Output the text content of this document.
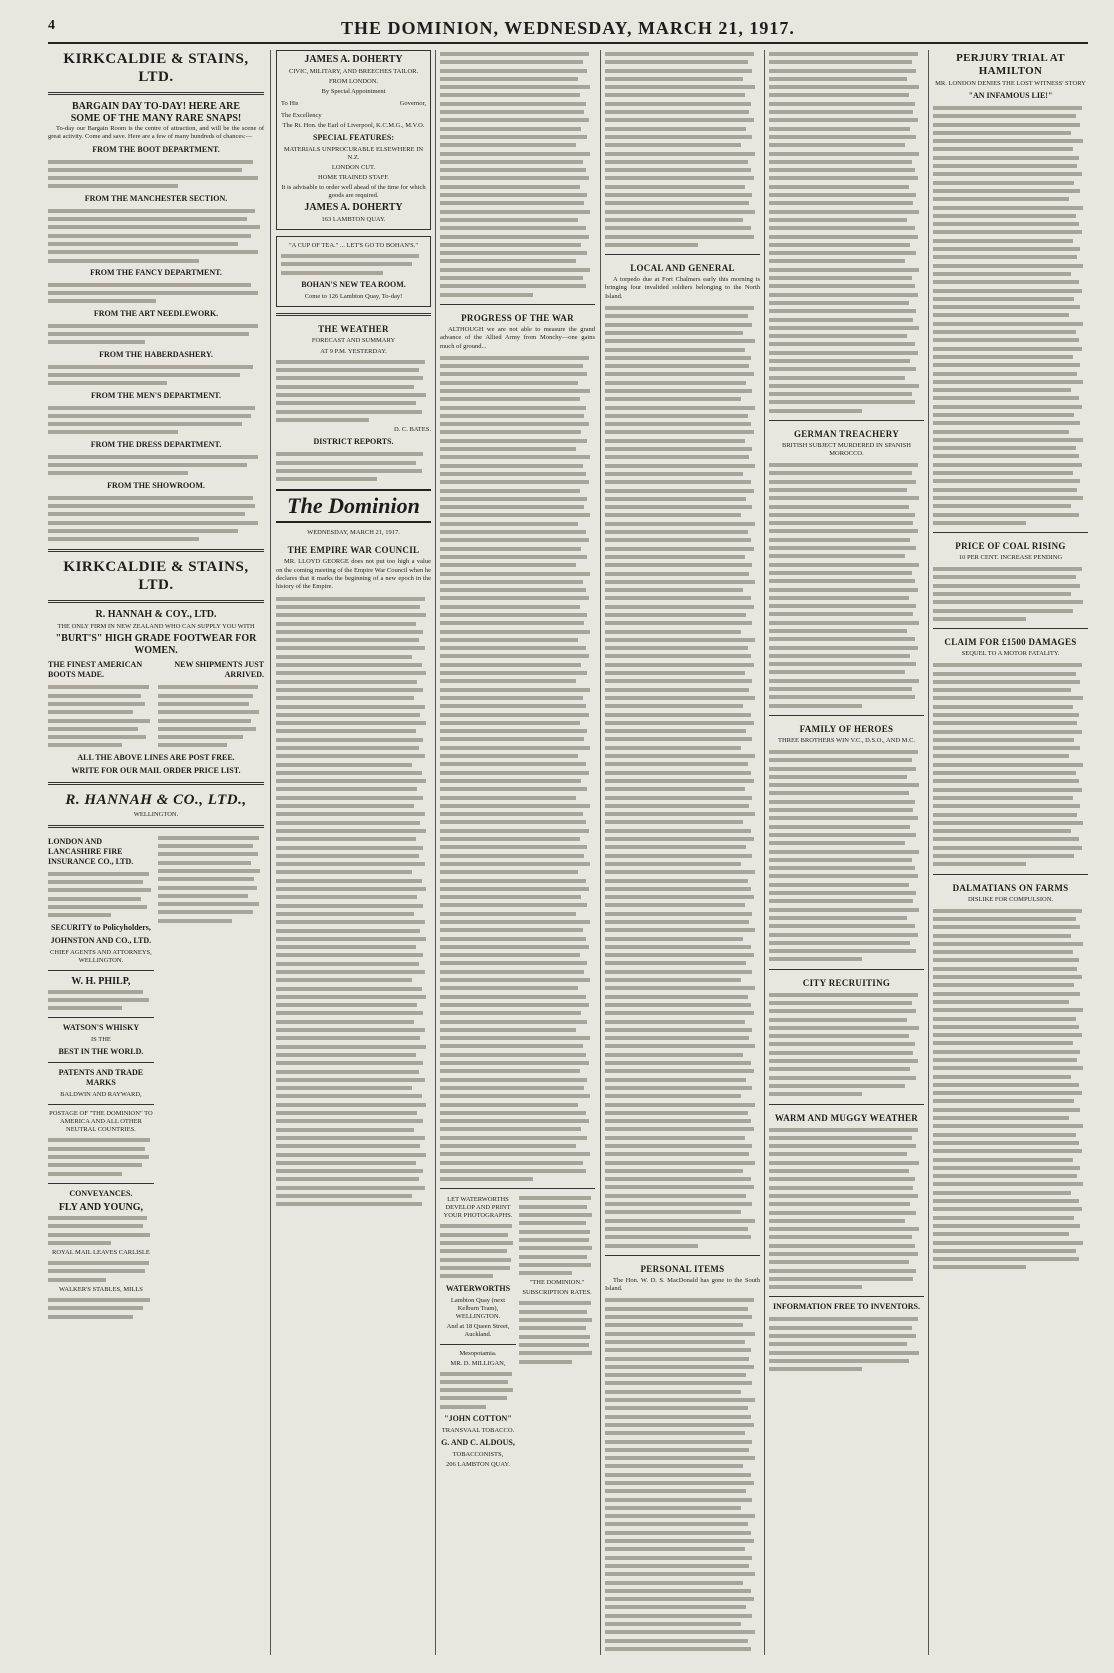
4	THE DOMINION, WEDNESDAY, MARCH 21, 1917.
KIRKCALDIE & STAINS, LTD.
BARGAIN DAY TO-DAY! HERE ARE
SOME OF THE MANY RARE SNAPS!

To-day our Bargain Room is the centre of attraction, and will be the scene of great activity. Come and save. Here are a few of many hundreds of chances:—

FROM THE BOOT DEPARTMENT.
FROM THE MANCHESTER SECTION.
FROM THE FANCY DEPARTMENT.
FROM THE ART NEEDLEWORK.
FROM THE HABERDASHERY.
FROM THE MEN'S DEPARTMENT.
FROM THE DRESS DEPARTMENT.
FROM THE SHOWROOM.
KIRKCALDIE & STAINS, LTD.
R. HANNAH & COY., LTD.
THE ONLY FIRM IN NEW ZEALAND WHO CAN SUPPLY YOU WITH
"BURT'S" HIGH GRADE FOOTWEAR FOR WOMEN.
THE FINEST AMERICAN BOOTS MADE.
NEW SHIPMENTS JUST ARRIVED.
ALL THE ABOVE LINES ARE POST FREE.
WRITE FOR OUR MAIL ORDER PRICE LIST.
R. HANNAH & CO., LTD.,
WELLINGTON.
LONDON AND LANCASHIRE FIRE INSURANCE CO., LTD.
SECURITY to Policyholders,
JOHNSTON AND CO., LTD.
CHIEF AGENTS AND ATTORNEYS, WELLINGTON.
W. H. PHILP,
WATSON'S WHISKY
IS THE
BEST IN THE WORLD.
PATENTS AND TRADE MARKS
BALDWIN AND RAYWARD,
POSTAGE OF "THE DOMINION" TO AMERICA AND ALL OTHER NEUTRAL COUNTRIES.
CONVEYANCES.
FLY AND YOUNG,
ROYAL MAIL LEAVES CARLISLE
WALKER'S STABLES, MILLS
JAMES A. DOHERTY
CIVIC, MILITARY, AND BREECHES TAILOR.
FROM LONDON.
By Special Appointment
To His	Governor,
The Excellency
The Rt. Hon. the Earl of Liverpool, K.C.M.G., M.V.O.
SPECIAL FEATURES:
MATERIALS UNPROCURABLE ELSEWHERE IN N.Z.
LONDON CUT.
HOME TRAINED STAFF.
It is advisable to order well ahead of the time for which goods are required.
JAMES A. DOHERTY
163 LAMBTON QUAY.
"A CUP OF TEA." ... LET'S GO TO BOHAN'S."
BOHAN'S NEW TEA ROOM.
Come to 126 Lambton Quay, To-day!
THE WEATHER
FORECAST AND SUMMARY
AT 9 P.M. YESTERDAY.
D. C. BATES.
DISTRICT REPORTS.
The Dominion
WEDNESDAY, MARCH 21, 1917.
THE EMPIRE WAR COUNCIL

MR. LLOYD GEORGE does not put too high a value on the coming meeting of the Empire War Council when he declares that it marks the beginning of a new epoch in the history of the Empire.

PROGRESS OF THE WAR

ALTHOUGH we are not able to measure the grand advance of the Allied Army from Monchy—one gains much of ground...

LET WATERWORTHS DEVELOP AND PRINT YOUR PHOTOGRAPHS.
WATERWORTHS
Lambton Quay (next Kelburn Tram), WELLINGTON.
And at 18 Queen Street, Auckland.
Mesopotamia.
MR. D. MILLIGAN,
"JOHN COTTON"
TRANSVAAL TOBACCO.
G. AND C. ALDOUS,
TOBACCONISTS,
206 LAMBTON QUAY.
"THE DOMINION."
SUBSCRIPTION RATES.
LOCAL AND GENERAL

A torpedo due at Fort Chalmers early this morning is bringing four invalided soldiers belonging to the North Island.

PERSONAL ITEMS

The Hon. W. D. S. MacDonald has gone to the South Island.

GERMAN TREACHERY
BRITISH SUBJECT MURDERED IN SPANISH MOROCCO.
FAMILY OF HEROES
THREE BROTHERS WIN V.C., D.S.O., AND M.C.
CITY RECRUITING
WARM AND MUGGY WEATHER
INFORMATION FREE TO INVENTORS.
PERJURY TRIAL AT HAMILTON
MR. LONDON DENIES THE LOST WITNESS' STORY
"AN INFAMOUS LIE!"
PRICE OF COAL RISING
10 PER CENT. INCREASE PENDING
CLAIM FOR £1500 DAMAGES
SEQUEL TO A MOTOR FATALITY.
DALMATIANS ON FARMS
DISLIKE FOR COMPULSION.
